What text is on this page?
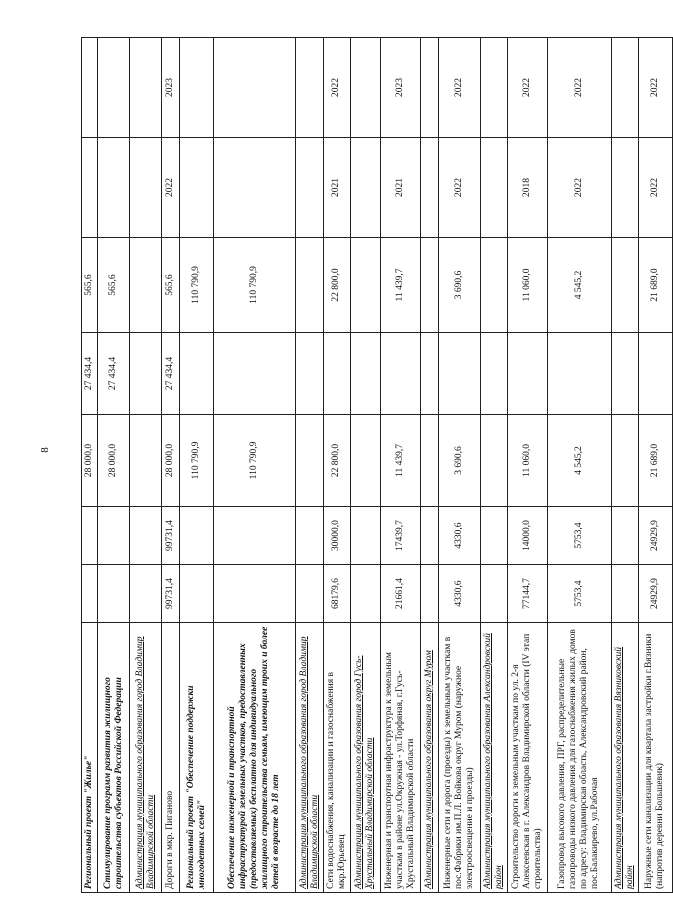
8
Региональный проект "Жилье"			28 000,0	27 434,4	565,6		
Стимулирование программ развития жилищного строительства субъектов Российской Федерации			28 000,0	27 434,4	565,6		
Администрация муниципального образования город Владимир Владимирской области							
Дороги в мкр. Пиганово	99731,4	99731,4	28 000,0	27 434,4	565,6	2022	2023
Региональный проект "Обеспечение поддержки многодетных семей"			110 790,9		110 790,9		
Обеспечение инженерной и транспортной инфраструктурой земельных участков, предоставленных (предоставляемых) бесплатно для индивидуального жилищного строительства семьям, имеющим троих и более детей в возрасте до 18 лет			110 790,9		110 790,9		
Администрация муниципального образования город Владимир Владимирской области							
Сети водоснабжения, канализации и газоснабжения в мкр.Юрьевец	68179,6	30000,0	22 800,0		22 800,0	2021	2022
Администрация муниципального образования город Гусь-Хрустальный Владимирской области							
Инженерная и транспортная инфраструктура к земельным участкам в районе ул.Окружная - ул.Торфяная, г.Гусь-Хрустальный Владимирской области	21661,4	17439,7	11 439,7		11 439,7	2021	2023
Администрация муниципального образования округ Муром							
Инженерные сети и дорога (проезды) к земельным участкам в пос.Фабрики им.П.Л. Войкова округ Муром (наружное электроосвещение и проезды)	4330,6	4330,6	3 690,6		3 690,6	2022	2022
Администрация муниципального образования Александровский район							
Строительство дороги к земельным участкам по ул. 2-я Алексеевская в г. Александров Владимирской области (IV этап строительства)	77144,7	14000,0	11 060,0		11 060,0	2018	2022
Газопровод высокого давления, ПРГ, распределительные газопроводы низкого давления для газоснабжения жилых домов по адресу: Владимирская область, Александровский район, пос.Балакирево, ул.Рабочая	5753,4	5753,4	4 545,2		4 545,2	2022	2022
Администрация муниципального образования Вязниковский район							
Наружные сети канализации для квартала застройки г.Вязники (напротив деревни Большевик)	24929,9	24929,9	21 689,0		21 689,0	2022	2022
